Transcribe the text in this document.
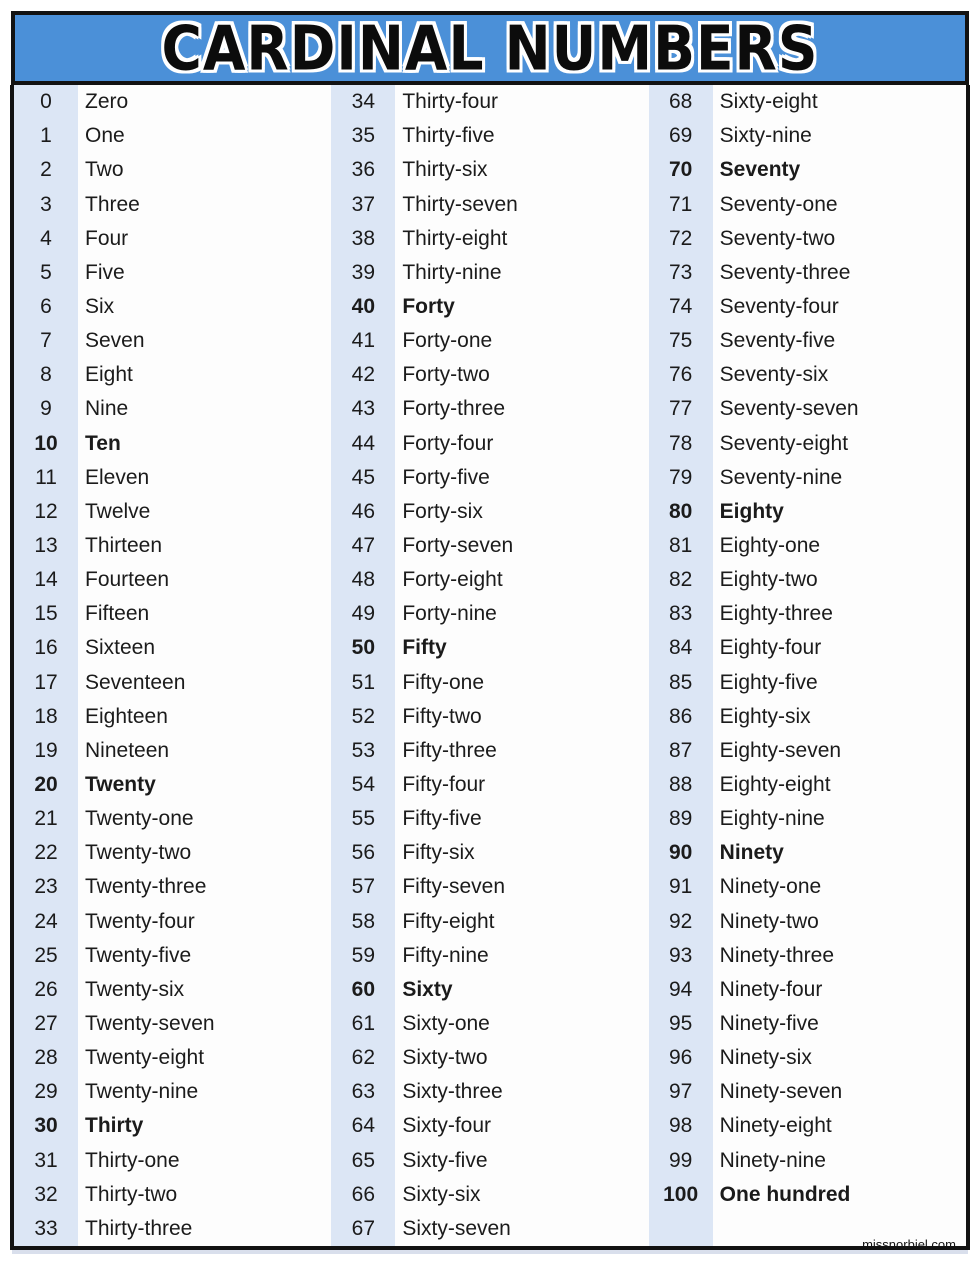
CARDINAL NUMBERS
0	Zero
1	One
2	Two
3	Three
4	Four
5	Five
6	Six
7	Seven
8	Eight
9	Nine
10	Ten
11	Eleven
12	Twelve
13	Thirteen
14	Fourteen
15	Fifteen
16	Sixteen
17	Seventeen
18	Eighteen
19	Nineteen
20	Twenty
21	Twenty-one
22	Twenty-two
23	Twenty-three
24	Twenty-four
25	Twenty-five
26	Twenty-six
27	Twenty-seven
28	Twenty-eight
29	Twenty-nine
30	Thirty
31	Thirty-one
32	Thirty-two
33	Thirty-three
34	Thirty-four
35	Thirty-five
36	Thirty-six
37	Thirty-seven
38	Thirty-eight
39	Thirty-nine
40	Forty
41	Forty-one
42	Forty-two
43	Forty-three
44	Forty-four
45	Forty-five
46	Forty-six
47	Forty-seven
48	Forty-eight
49	Forty-nine
50	Fifty
51	Fifty-one
52	Fifty-two
53	Fifty-three
54	Fifty-four
55	Fifty-five
56	Fifty-six
57	Fifty-seven
58	Fifty-eight
59	Fifty-nine
60	Sixty
61	Sixty-one
62	Sixty-two
63	Sixty-three
64	Sixty-four
65	Sixty-five
66	Sixty-six
67	Sixty-seven
68	Sixty-eight
69	Sixty-nine
70	Seventy
71	Seventy-one
72	Seventy-two
73	Seventy-three
74	Seventy-four
75	Seventy-five
76	Seventy-six
77	Seventy-seven
78	Seventy-eight
79	Seventy-nine
80	Eighty
81	Eighty-one
82	Eighty-two
83	Eighty-three
84	Eighty-four
85	Eighty-five
86	Eighty-six
87	Eighty-seven
88	Eighty-eight
89	Eighty-nine
90	Ninety
91	Ninety-one
92	Ninety-two
93	Ninety-three
94	Ninety-four
95	Ninety-five
96	Ninety-six
97	Ninety-seven
98	Ninety-eight
99	Ninety-nine
100	One hundred
missnorbiel.com
